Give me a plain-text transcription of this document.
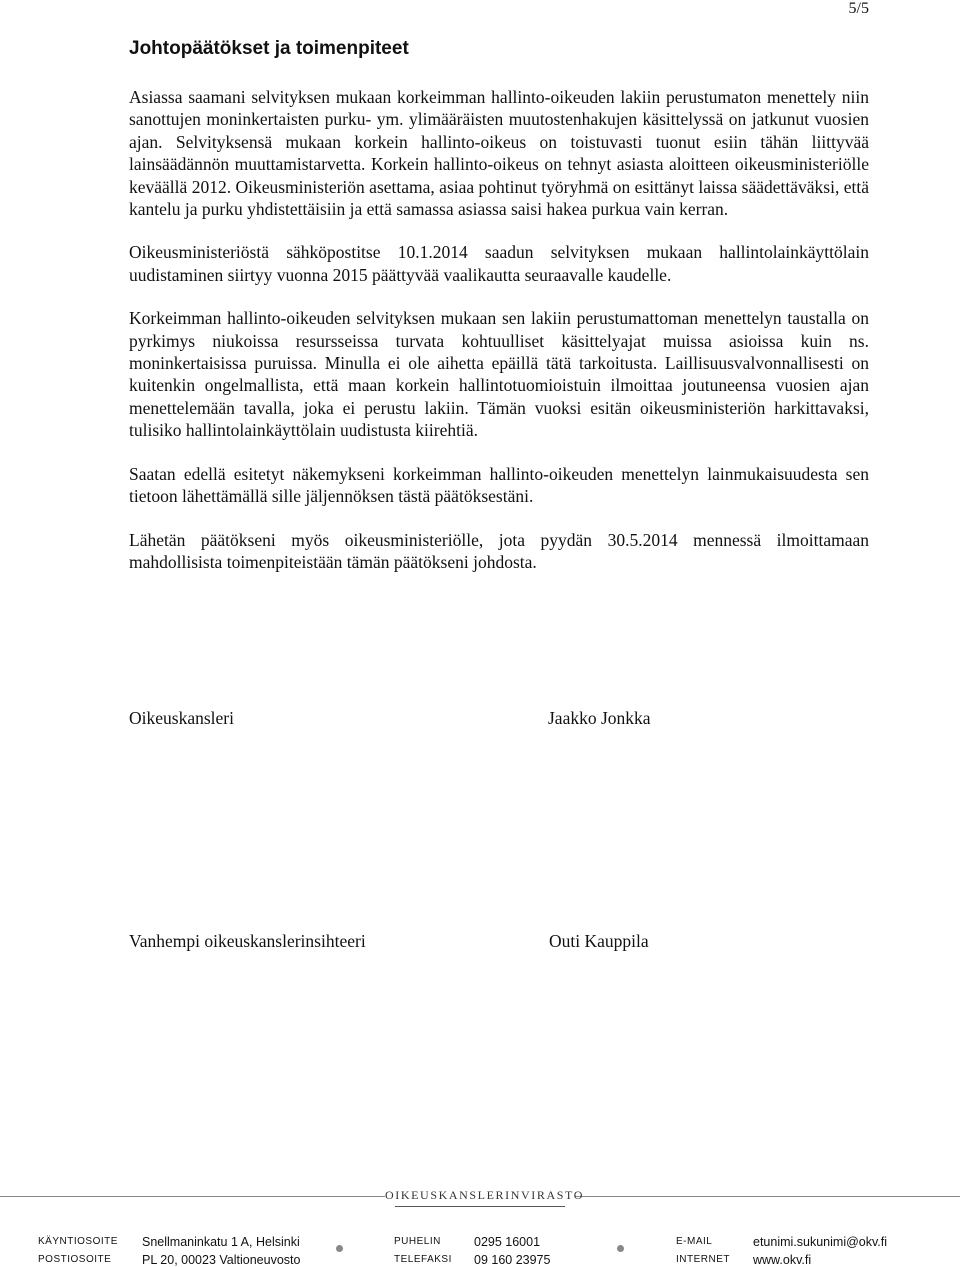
5/5
Johtopäätökset ja toimenpiteet

Asiassa saamani selvityksen mukaan korkeimman hallinto-oikeuden lakiin perustumaton menettely niin sanottujen moninkertaisten purku- ym. ylimääräisten muutostenhakujen käsittelyssä on jatkunut vuosien ajan. Selvityksensä mukaan korkein hallinto-oikeus on toistuvasti tuonut esiin tähän liittyvää lainsäädännön muuttamistarvetta. Korkein hallinto-oikeus on tehnyt asiasta aloitteen oikeusministeriölle keväällä 2012. Oikeusministeriön asettama, asiaa pohtinut työryhmä on esittänyt laissa säädettäväksi, että kantelu ja purku yhdistettäisiin ja että samassa asiassa saisi hakea purkua vain kerran.

Oikeusministeriöstä sähköpostitse 10.1.2014 saadun selvityksen mukaan hallintolainkäyttölain uudistaminen siirtyy vuonna 2015 päättyvää vaalikautta seuraavalle kaudelle.

Korkeimman hallinto-oikeuden selvityksen mukaan sen lakiin perustumattoman menettelyn taustalla on pyrkimys niukoissa resursseissa turvata kohtuulliset käsittelyajat muissa asioissa kuin ns. moninkertaisissa puruissa. Minulla ei ole aihetta epäillä tätä tarkoitusta. Laillisuusvalvonnallisesti on kuitenkin ongelmallista, että maan korkein hallintotuomioistuin ilmoittaa joutuneensa vuosien ajan menettelemään tavalla, joka ei perustu lakiin. Tämän vuoksi esitän oikeusministeriön harkittavaksi, tulisiko hallintolainkäyttölain uudistusta kiirehtiä.

Saatan edellä esitetyt näkemykseni korkeimman hallinto-oikeuden menettelyn lainmukaisuudesta sen tietoon lähettämällä sille jäljennöksen tästä päätöksestäni.

Lähetän päätökseni myös oikeusministeriölle, jota pyydän 30.5.2014 mennessä ilmoittamaan mahdollisista toimenpiteistään tämän päätökseni johdosta.

Oikeuskansleri	Jaakko Jonkka
Vanhempi oikeuskanslerinsihteeri	Outi Kauppila
OIKEUSKANSLERINVIRASTO
KÄYNTIOSOITE Snellmaninkatu 1 A, Helsinki
POSTIOSOITE PL 20, 00023 Valtioneuvosto
PUHELIN	0295 16001
TELEFAKSI 09 160 23975
E-MAIL	etunimi.sukunimi@okv.fi
INTERNET www.okv.fi
